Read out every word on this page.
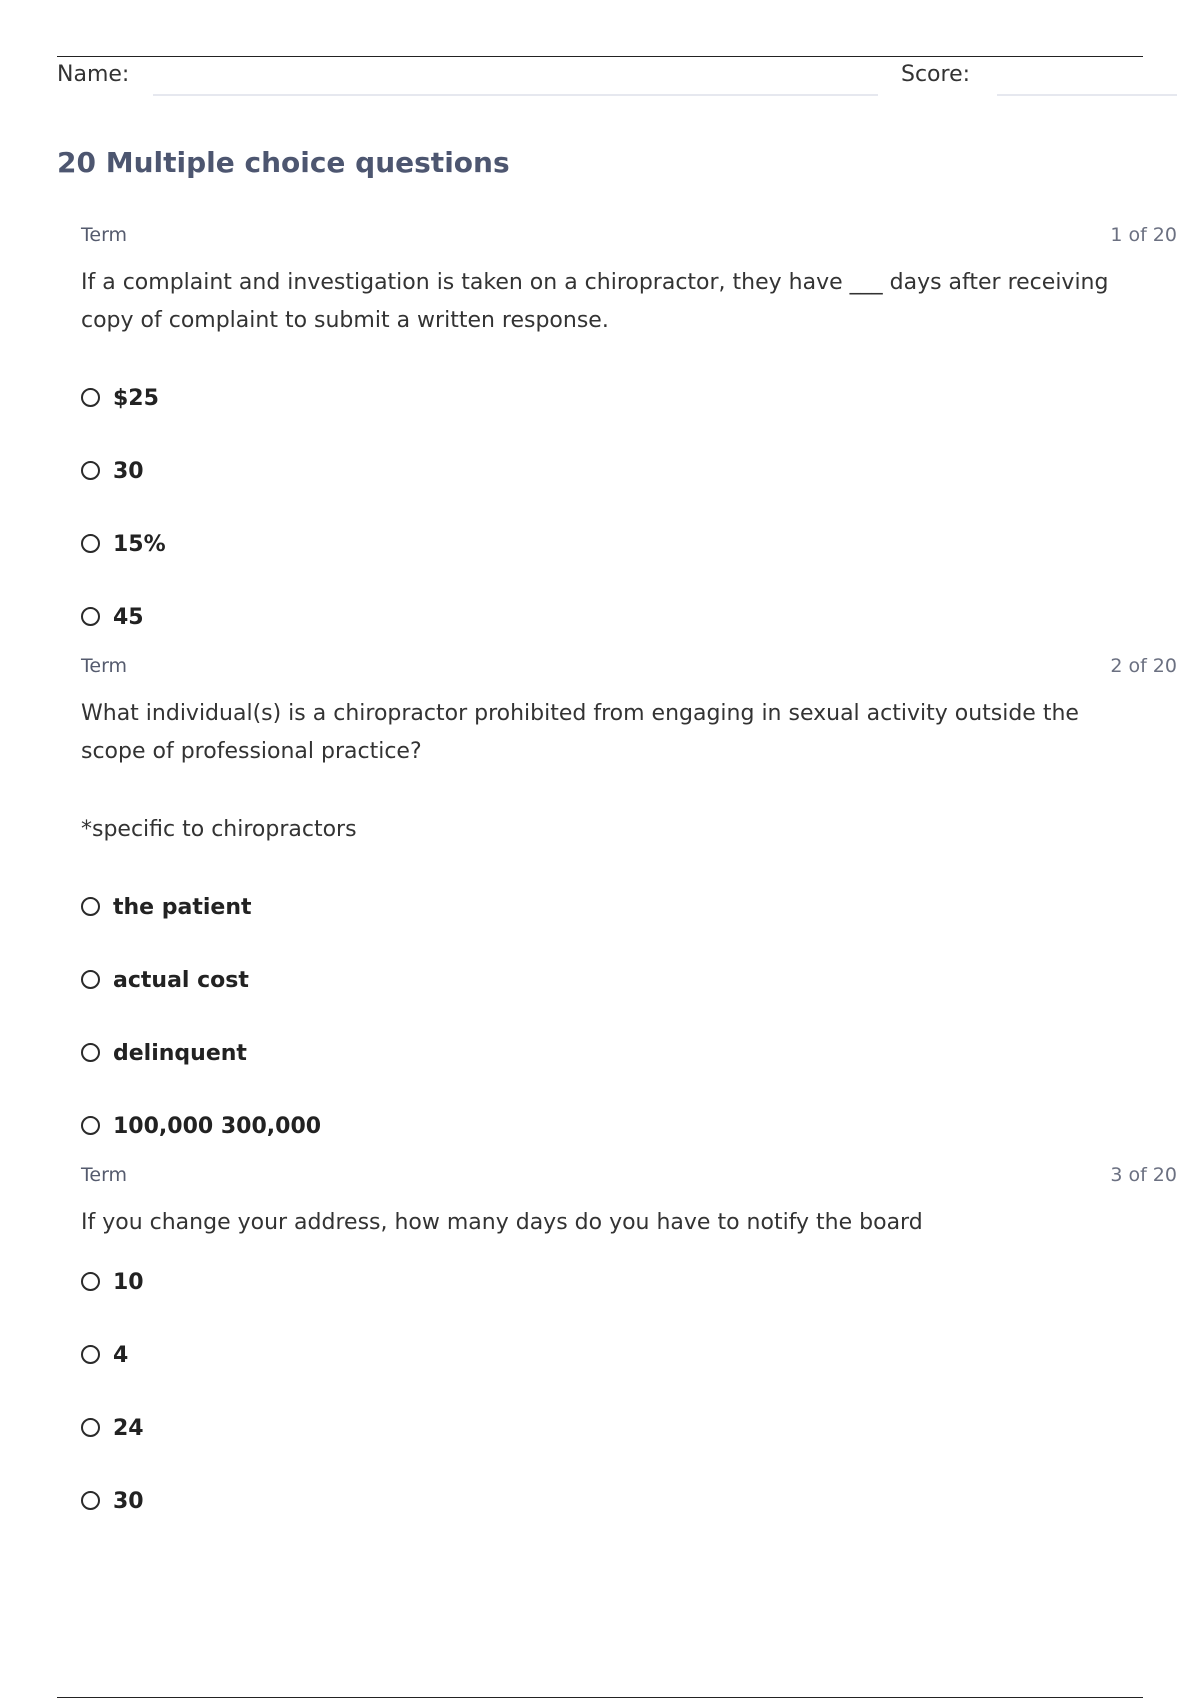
Name:	Score:
20 Multiple choice questions
Term	1 of 20
If a complaint and investigation is taken on a chiropractor, they have ___ days after receiving copy of complaint to submit a written response.
$25
30
15%
45
Term	2 of 20
What individual(s) is a chiropractor prohibited from engaging in sexual activity outside the scope of professional practice?
*specific to chiropractors
the patient
actual cost
delinquent
100,000 300,000
Term	3 of 20
If you change your address, how many days do you have to notify the board
10
4
24
30
